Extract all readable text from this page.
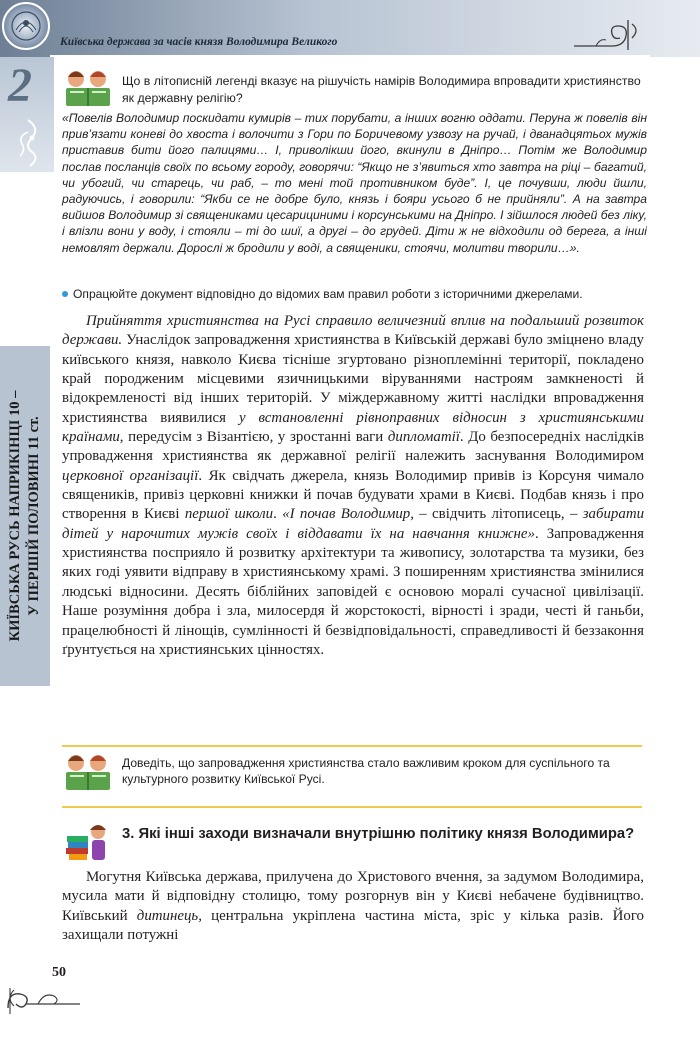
Київська держава за часів князя Володимира Великого
2
КИЇВСЬКА РУСЬ НАПРИКІНЦІ 10 – У ПЕРШІЙ ПОЛОВИНІ 11 ст.
Що в літописній легенді вказує на рішучість намірів Володимира впровадити християнство як державну релігію?
«Повелів Володимир поскидати кумирів – тих порубати, а інших вогню оддати. Перуна ж повелів він прив’язати коневі до хвоста і волочити з Гори по Боричевому узвозу на ручай, і дванадцятьох мужів приставив бити його палицями… І, приволікши його, вкинули в Дніпро… Потім же Володимир послав посланців своїх по всьому городу, говорячи: “Якщо не з’явиться хто завтра на ріці – багатий, чи убогий, чи старець, чи раб, – то мені той противником буде”. І, це почувши, люди йшли, радуючись, і говорили: “Якби се не добре було, князь і бояри усього б не прийняли”. А на завтра вийшов Володимир зі священиками цесарициними і корсунськими на Дніпро. І зійшлося людей без ліку, і влізли вони у воду, і стояли – ті до шиї, а другі – до грудей. Діти ж не відходили од берега, а інші немовлят держали. Дорослі ж бродили у воді, а священики, стоячи, молитви творили…».
Опрацюйте документ відповідно до відомих вам правил роботи з історичними джерелами.

Прийняття християнства на Русі справило величезний вплив на подальший розвиток держави. Унаслідок запровадження християнства в Київській державі було зміцнено владу київського князя, навколо Києва тісніше згуртовано різноплемінні території, покладено край породженим місцевими язичницькими віруваннями настроям замкненості й відокремленості від інших територій. У міждержавному житті наслідки впровадження християнства виявилися у встановленні рівноправних відносин з християнськими країнами, передусім з Візантією, у зростанні ваги дипломатії. До безпосередніх наслідків упровадження християнства як державної релігії належить заснування Володимиром церковної організації. Як свідчать джерела, князь Володимир привів із Корсуня чимало священиків, привіз церковні книжки й почав будувати храми в Києві. Подбав князь і про створення в Києві першої школи. «І почав Володимир, – свідчить літописець, – забирати дітей у нарочитих мужів своїх і віддавати їх на навчання книжне». Запровадження християнства посприяло й розвитку архітектури та живопису, золотарства та музики, без яких годі уявити відправу в християнському храмі. З поширенням християнства змінилися людські відносини. Десять біблійних заповідей є основою моралі сучасної цивілізації. Наше розуміння добра і зла, милосердя й жорстокості, вірності і зради, честі й ганьби, працелюбності й лінощів, сумлінності й безвідповідальності, справедливості й беззаконня ґрунтується на християнських цінностях.

Доведіть, що запровадження християнства стало важливим кроком для суспільного та культурного розвитку Київської Русі.
3. Які інші заходи визначали внутрішню політику князя Володимира?

Могутня Київська держава, прилучена до Христового вчення, за задумом Володимира, мусила мати й відповідну столицю, тому розгорнув він у Києві небачене будівництво. Київський дитинець, центральна укріплена частина міста, зріс у кілька разів. Його захищали потужні

50
